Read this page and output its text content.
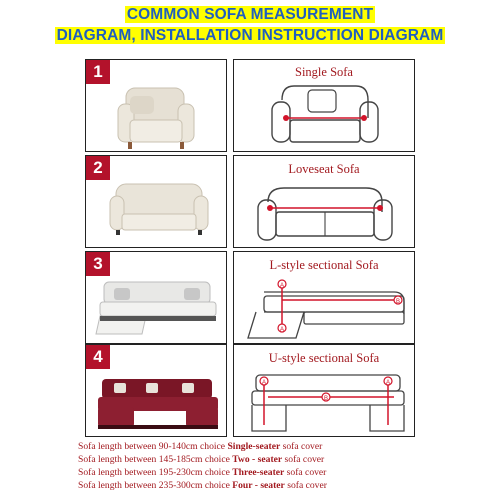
COMMON SOFA MEASUREMENT
DIAGRAM, INSTALLATION INSTRUCTION DIAGRAM
1	Single Sofa
2	Loveseat Sofa
3	L-style sectional Sofa
A
A
B
4	U-style sectional Sofa
A	A
B
Sofa length between 90-140cm choice Single-seater sofa cover
Sofa length between 145-185cm choice Two - seater sofa cover
Sofa length between 195-230cm choice Three-seater sofa cover
Sofa length between 235-300cm choice Four - seater sofa cover
